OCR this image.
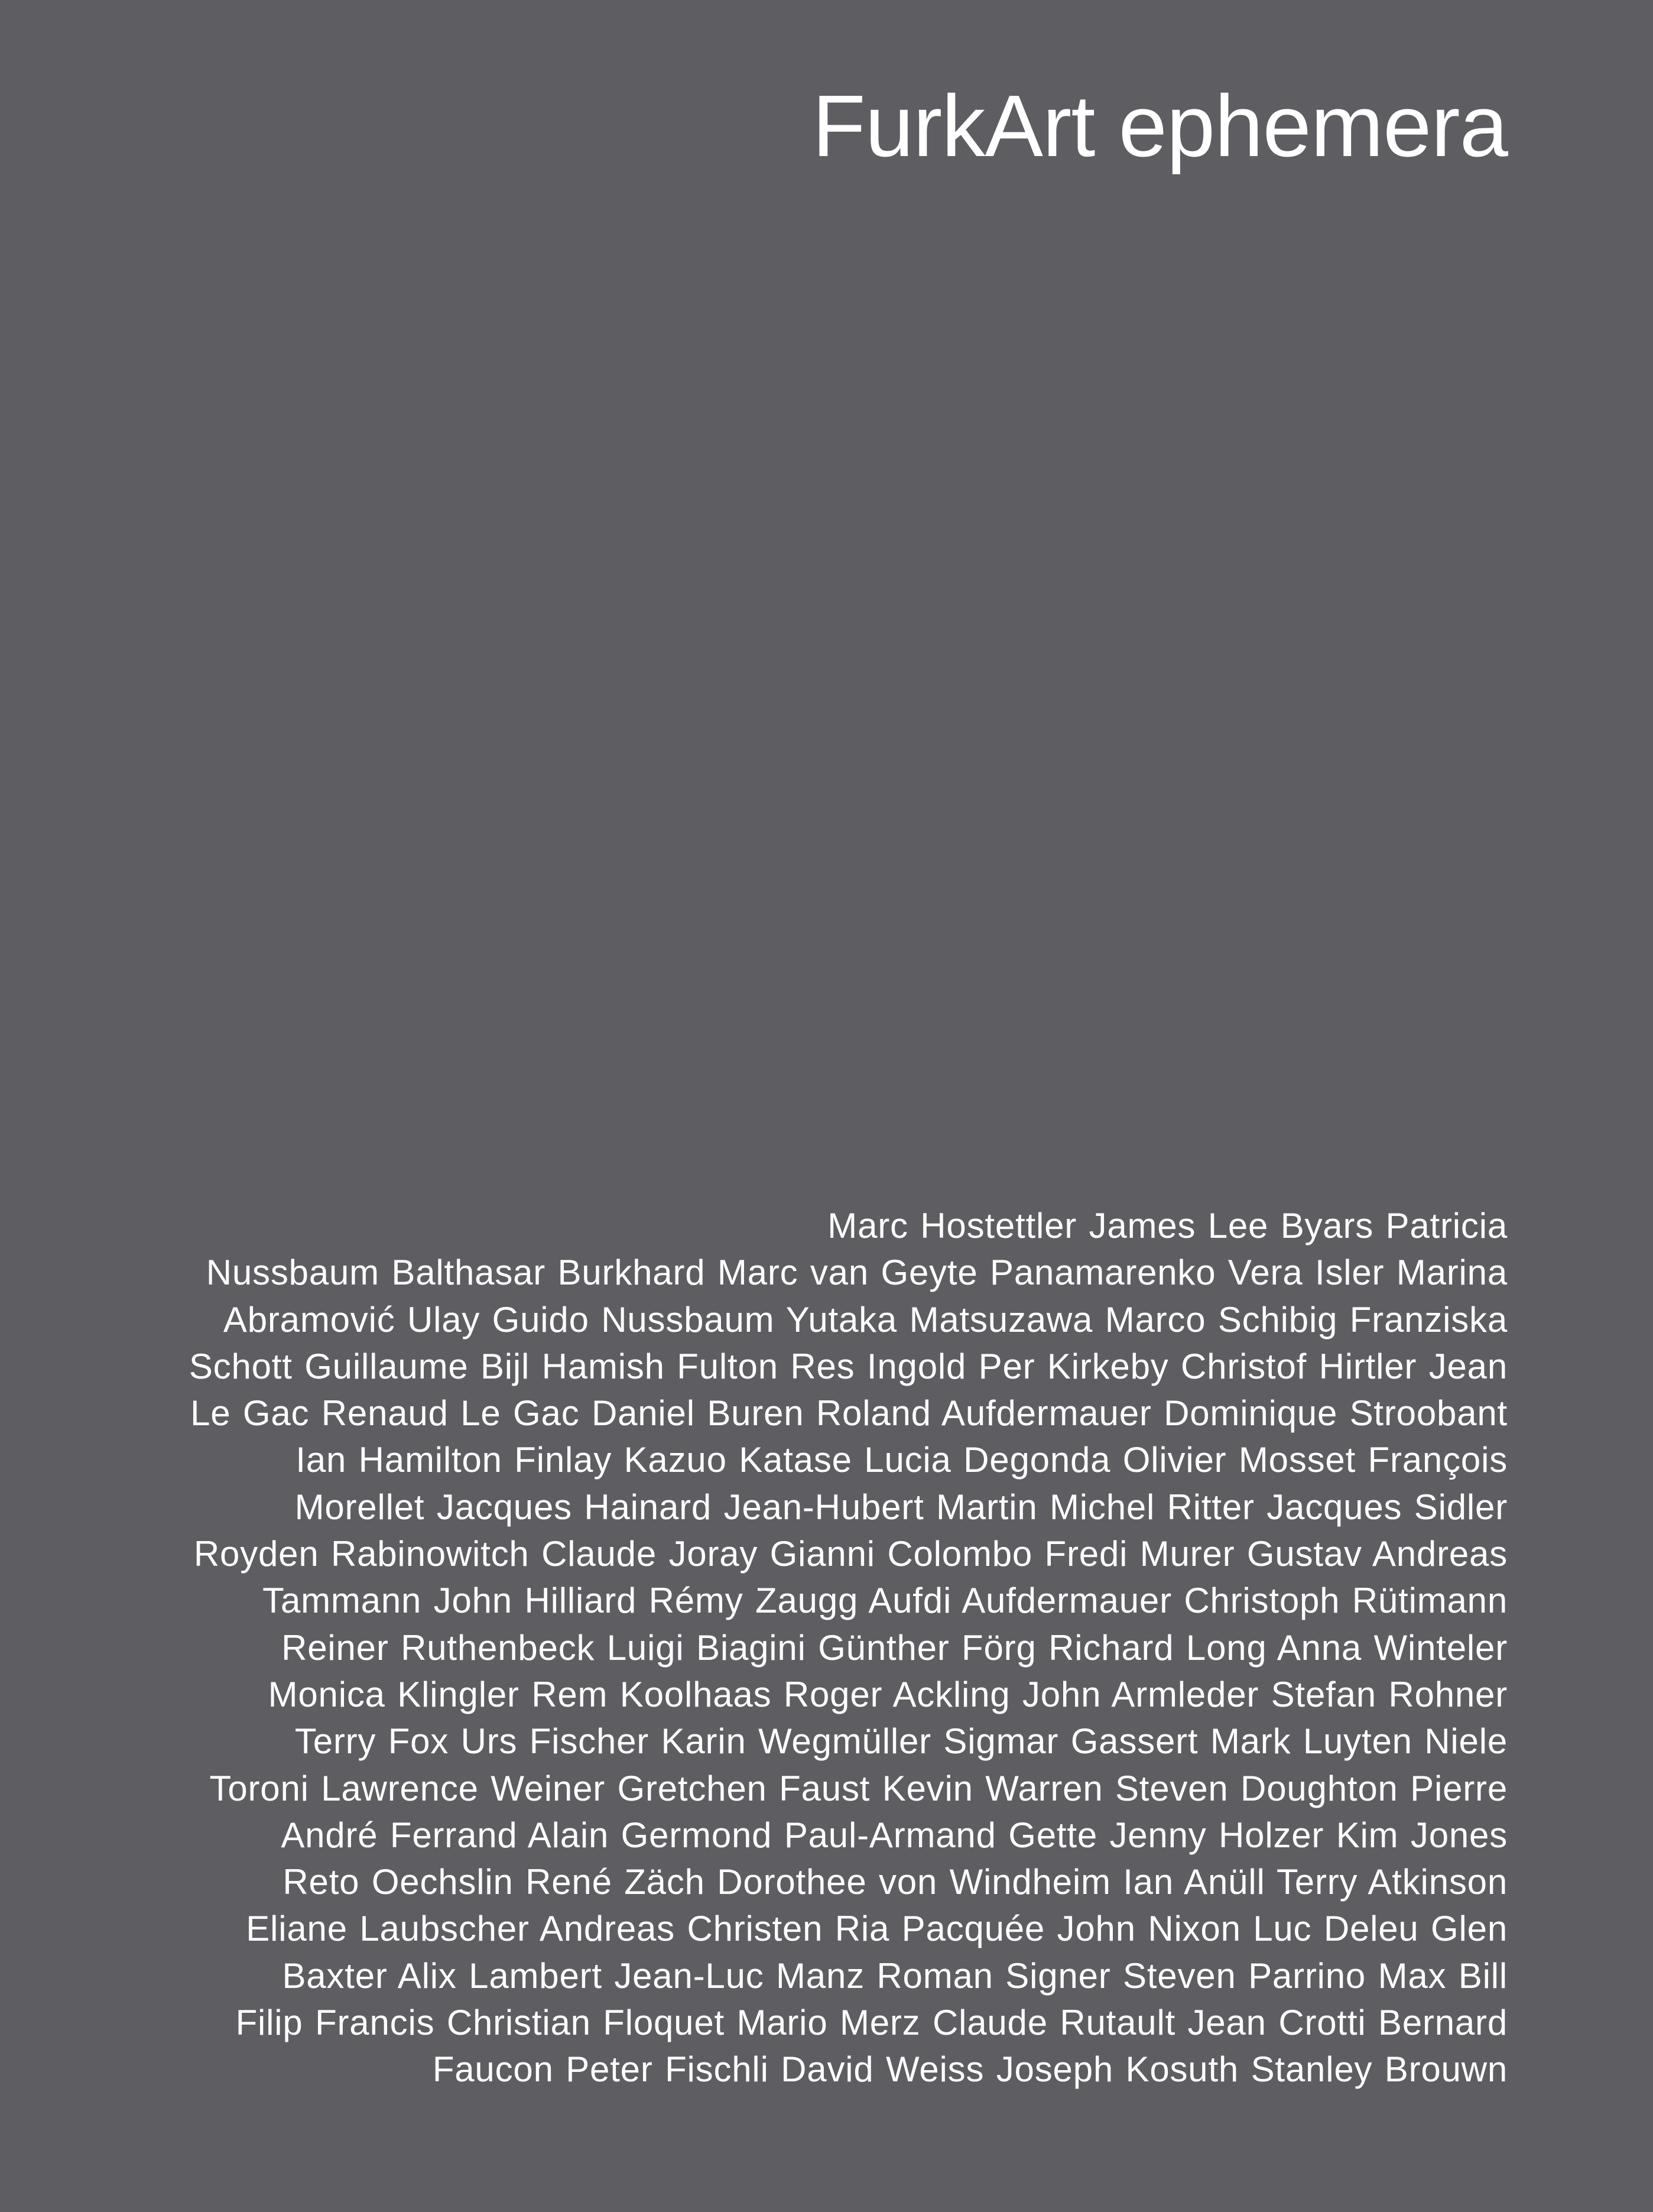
FurkArt ephemera

Marc Hostettler James Lee Byars Patricia
Nussbaum Balthasar Burkhard Marc van Geyte Panamarenko Vera Isler Marina
Abramović Ulay Guido Nussbaum Yutaka Matsuzawa Marco Schibig Franziska
Schott Guillaume Bijl Hamish Fulton Res Ingold Per Kirkeby Christof Hirtler Jean
Le Gac Renaud Le Gac Daniel Buren Roland Aufdermauer Dominique Stroobant
Ian Hamilton Finlay Kazuo Katase Lucia Degonda Olivier Mosset François
Morellet Jacques Hainard Jean-Hubert Martin Michel Ritter Jacques Sidler
Royden Rabinowitch Claude Joray Gianni Colombo Fredi Murer Gustav Andreas
Tammann John Hilliard Rémy Zaugg Aufdi Aufdermauer Christoph Rütimann
Reiner Ruthenbeck Luigi Biagini Günther Förg Richard Long Anna Winteler
Monica Klingler Rem Koolhaas Roger Ackling John Armleder Stefan Rohner
Terry Fox Urs Fischer Karin Wegmüller Sigmar Gassert Mark Luyten Niele
Toroni Lawrence Weiner Gretchen Faust Kevin Warren Steven Doughton Pierre
André Ferrand Alain Germond Paul-Armand Gette Jenny Holzer Kim Jones
Reto Oechslin René Zäch Dorothee von Windheim Ian Anüll Terry Atkinson
Eliane Laubscher Andreas Christen Ria Pacquée John Nixon Luc Deleu Glen
Baxter Alix Lambert Jean-Luc Manz Roman Signer Steven Parrino Max Bill
Filip Francis Christian Floquet Mario Merz Claude Rutault Jean Crotti Bernard
Faucon Peter Fischli David Weiss Joseph Kosuth Stanley Brouwn
